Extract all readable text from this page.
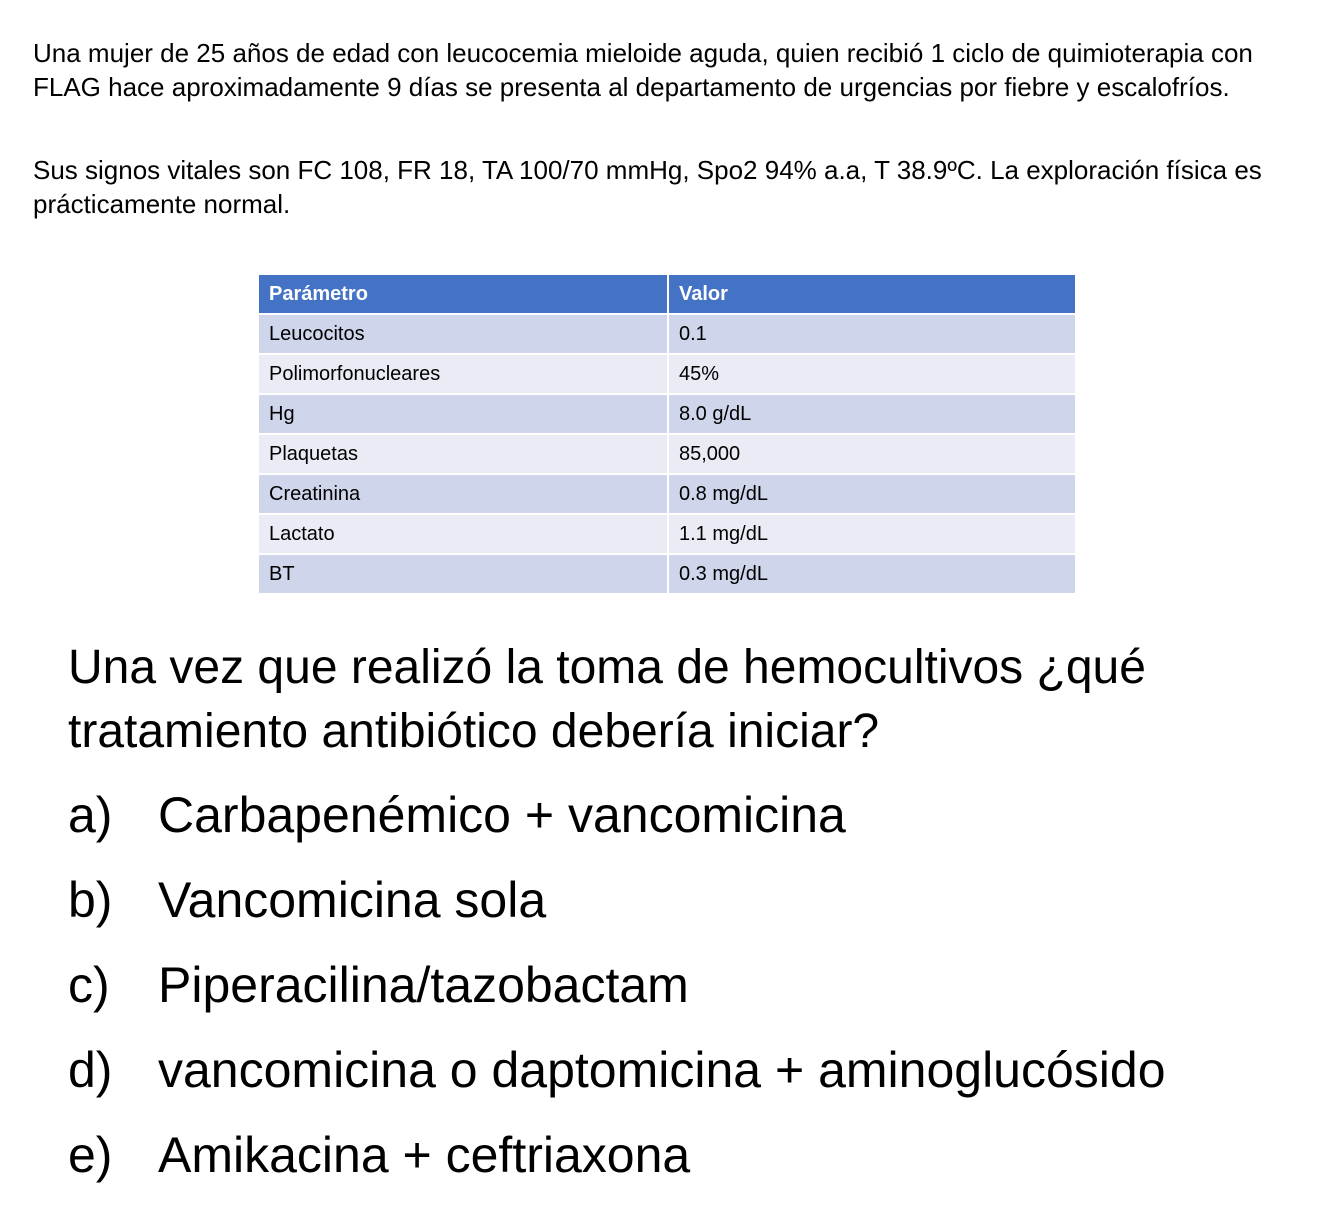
Una mujer de 25 años de edad con leucocemia mieloide aguda, quien recibió 1 ciclo de quimioterapia con FLAG hace aproximadamente 9 días se presenta al departamento de urgencias por fiebre y escalofríos.

Sus signos vitales son FC 108, FR 18, TA 100/70 mmHg, Spo2 94% a.a, T 38.9ºC. La exploración física es prácticamente normal.

Parámetro	Valor
Leucocitos	0.1
Polimorfonucleares	45%
Hg	8.0 g/dL
Plaquetas	85,000
Creatinina	0.8 mg/dL
Lactato	1.1 mg/dL
BT	0.3 mg/dL

Una vez que realizó la toma de hemocultivos ¿qué tratamiento antibiótico debería iniciar?

a) Carbapenémico + vancomicina
b) Vancomicina sola
c) Piperacilina/tazobactam
d) vancomicina o daptomicina + aminoglucósido
e) Amikacina + ceftriaxona
